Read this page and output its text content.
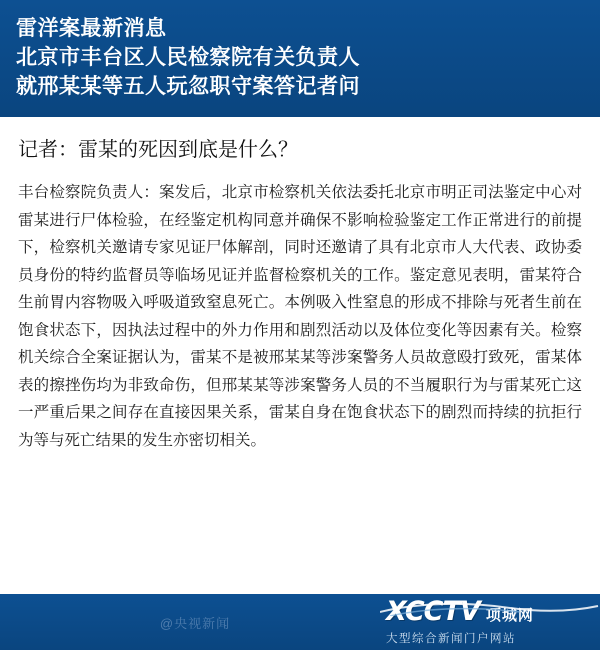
雷洋案最新消息
北京市丰台区人民检察院有关负责人
就邢某某等五人玩忽职守案答记者问
记者：雷某的死因到底是什么？
丰台检察院负责人：案发后，北京市检察机关依法委托北京市明正司法鉴定中心对雷某进行尸体检验，在经鉴定机构同意并确保不影响检验鉴定工作正常进行的前提下，检察机关邀请专家见证尸体解剖，同时还邀请了具有北京市人大代表、政协委员身份的特约监督员等临场见证并监督检察机关的工作。鉴定意见表明，雷某符合生前胃内容物吸入呼吸道致窒息死亡。本例吸入性窒息的形成不排除与死者生前在饱食状态下，因执法过程中的外力作用和剧烈活动以及体位变化等因素有关。检察机关综合全案证据认为，雷某不是被邢某某等涉案警务人员故意殴打致死，雷某体表的擦挫伤均为非致命伤，但邢某某等涉案警务人员的不当履职行为与雷某死亡这一严重后果之间存在直接因果关系，雷某自身在饱食状态下的剧烈而持续的抗拒行为等与死亡结果的发生亦密切相关。
@央视新闻	XCCTV 项城网
大型综合新闻门户网站
